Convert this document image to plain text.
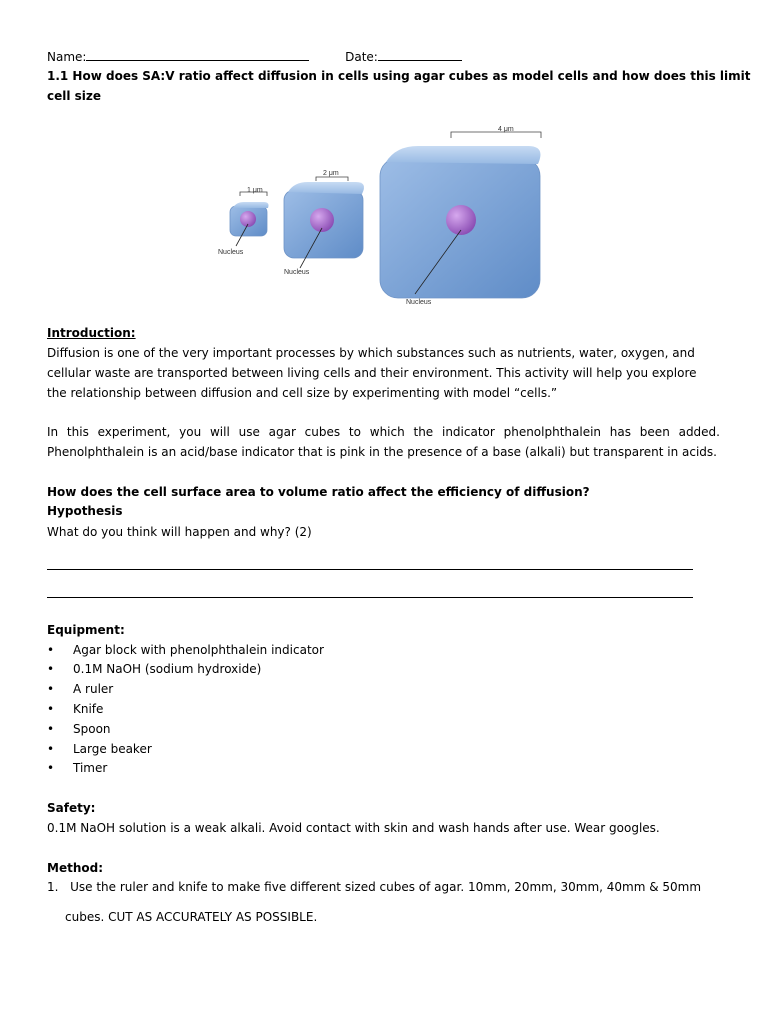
Name:	Date:
1.1 How does SA:V ratio affect diffusion in cells using agar cubes as model cells and how does this limit
cell size
1 μm
Nucleus
2 μm
Nucleus
4 μm
Nucleus
Introduction:
Diffusion is one of the very important processes by which substances such as nutrients, water, oxygen, and
cellular waste are transported between living cells and their environment. This activity will help you explore
the relationship between diffusion and cell size by experimenting with model “cells.”
In this experiment, you will use agar cubes to which the indicator phenolphthalein has been added.
Phenolphthalein is an acid/base indicator that is pink in the presence of a base (alkali) but transparent in acids.
How does the cell surface area to volume ratio affect the efficiency of diffusion?
Hypothesis
What do you think will happen and why? (2)
Equipment:
• Agar block with phenolphthalein indicator
• 0.1M NaOH (sodium hydroxide)
• A ruler
• Knife
• Spoon
• Large beaker
• Timer
Safety:
0.1M NaOH solution is a weak alkali. Avoid contact with skin and wash hands after use. Wear googles.
Method:
1. Use the ruler and knife to make five different sized cubes of agar. 10mm, 20mm, 30mm, 40mm & 50mm
cubes. CUT AS ACCURATELY AS POSSIBLE.
